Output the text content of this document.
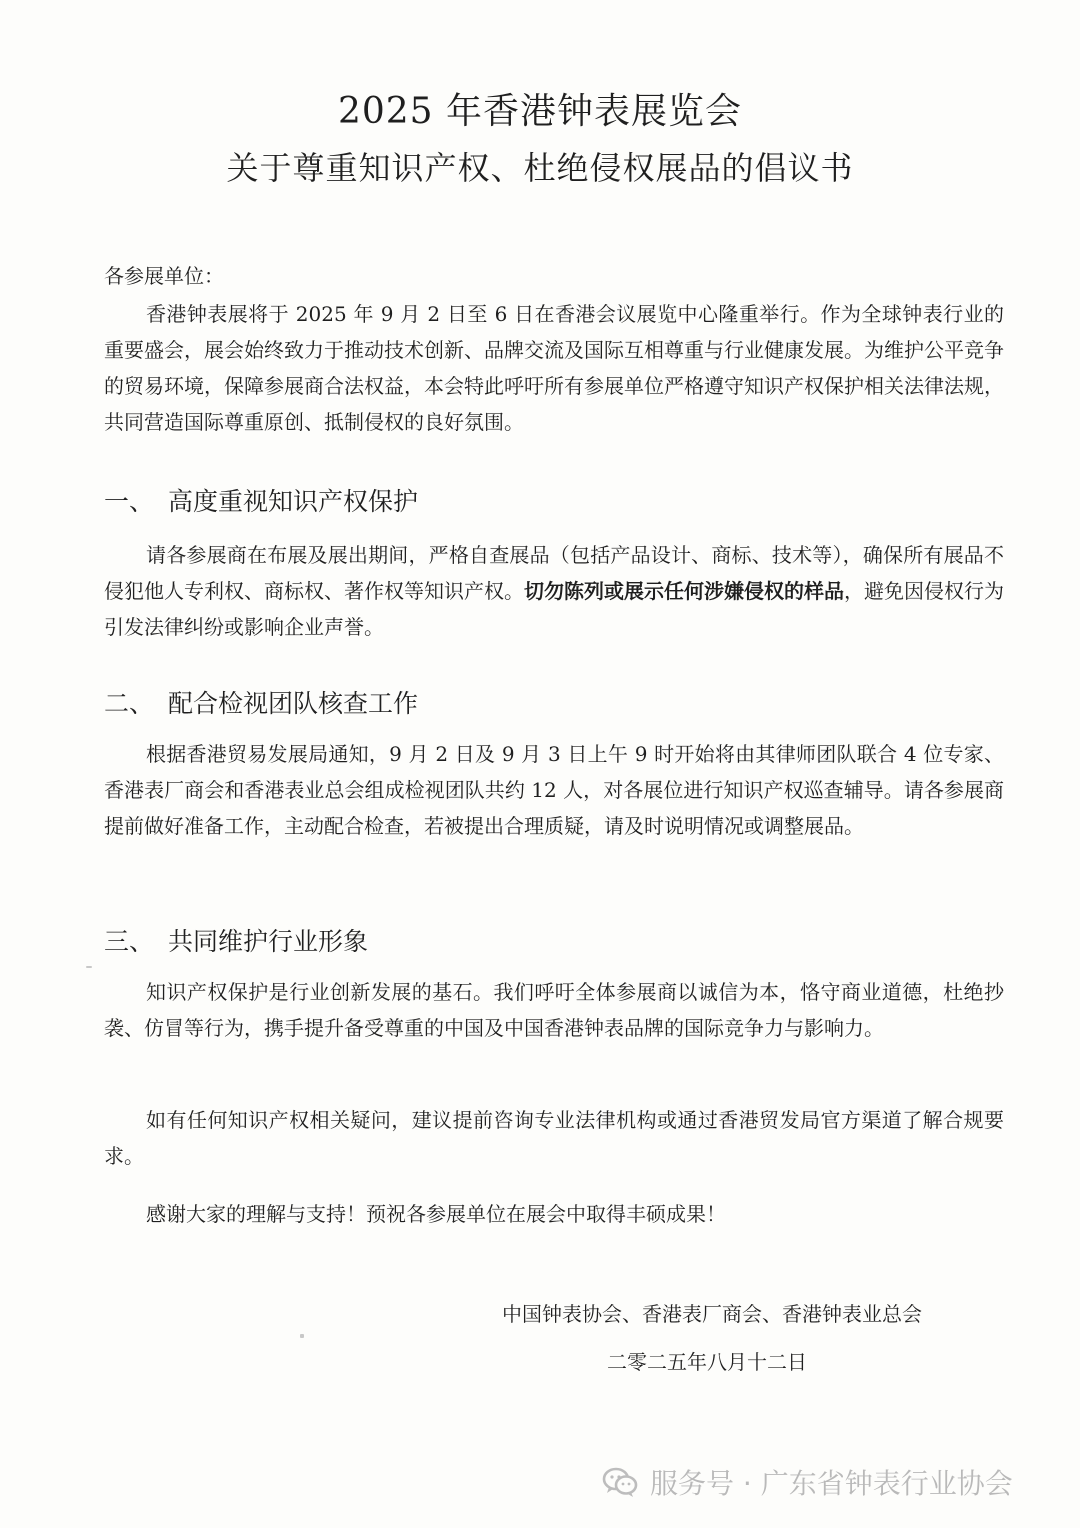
2025 年香港钟表展览会
关于尊重知识产权、杜绝侵权展品的倡议书
各参展单位：

香港钟表展将于 2025 年 9 月 2 日至 6 日在香港会议展览中心隆重举行。作为全球钟表行业的重要盛会，展会始终致力于推动技术创新、品牌交流及国际互相尊重与行业健康发展。为维护公平竞争的贸易环境，保障参展商合法权益，本会特此呼吁所有参展单位严格遵守知识产权保护相关法律法规，共同营造国际尊重原创、抵制侵权的良好氛围。

一、 高度重视知识产权保护

请各参展商在布展及展出期间，严格自查展品（包括产品设计、商标、技术等），确保所有展品不侵犯他人专利权、商标权、著作权等知识产权。切勿陈列或展示任何涉嫌侵权的样品，避免因侵权行为引发法律纠纷或影响企业声誉。

二、 配合检视团队核查工作

根据香港贸易发展局通知，9 月 2 日及 9 月 3 日上午 9 时开始将由其律师团队联合 4 位专家、香港表厂商会和香港表业总会组成检视团队共约 12 人，对各展位进行知识产权巡查辅导。请各参展商提前做好准备工作，主动配合检查，若被提出合理质疑，请及时说明情况或调整展品。

三、 共同维护行业形象

知识产权保护是行业创新发展的基石。我们呼吁全体参展商以诚信为本，恪守商业道德，杜绝抄袭、仿冒等行为，携手提升备受尊重的中国及中国香港钟表品牌的国际竞争力与影响力。

如有任何知识产权相关疑问，建议提前咨询专业法律机构或通过香港贸发局官方渠道了解合规要求。

感谢大家的理解与支持！预祝各参展单位在展会中取得丰硕成果！

中国钟表协会、香港表厂商会、香港钟表业总会
二零二五年八月十二日
服务号 · 广东省钟表行业协会
